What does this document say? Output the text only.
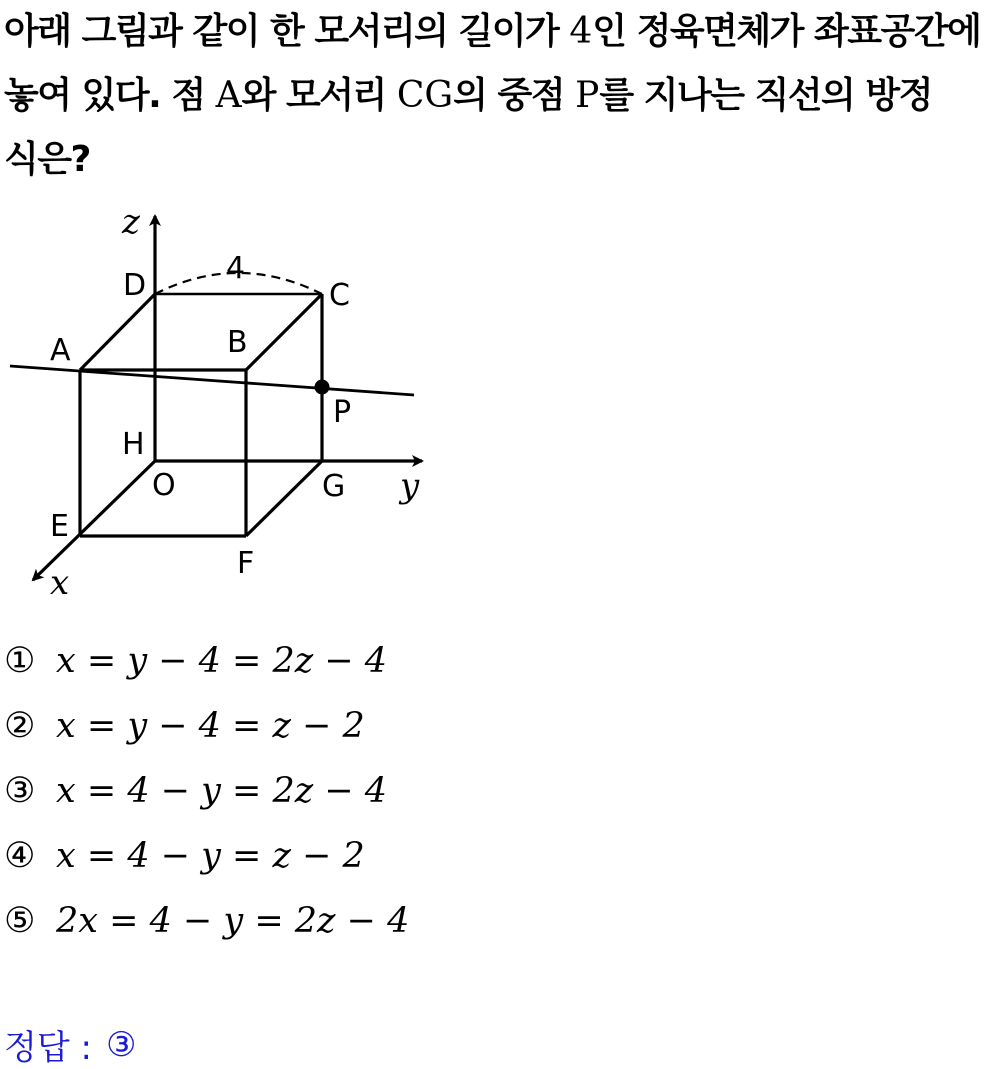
아래 그림과 같이 한 모서리의 길이가 4인 정육면체가 좌표공간에
놓여 있다. 점 A와 모서리 CG의 중점 P를 지나는 직선의 방정
식은?
z
y
x
4
D	C
A	B
P
H
O	G
E
F
① x = y − 4 = 2z − 4
② x = y − 4 = z − 2
③ x = 4 − y = 2z − 4
④ x = 4 − y = z − 2
⑤ 2x = 4 − y = 2z − 4
정답 : ③
